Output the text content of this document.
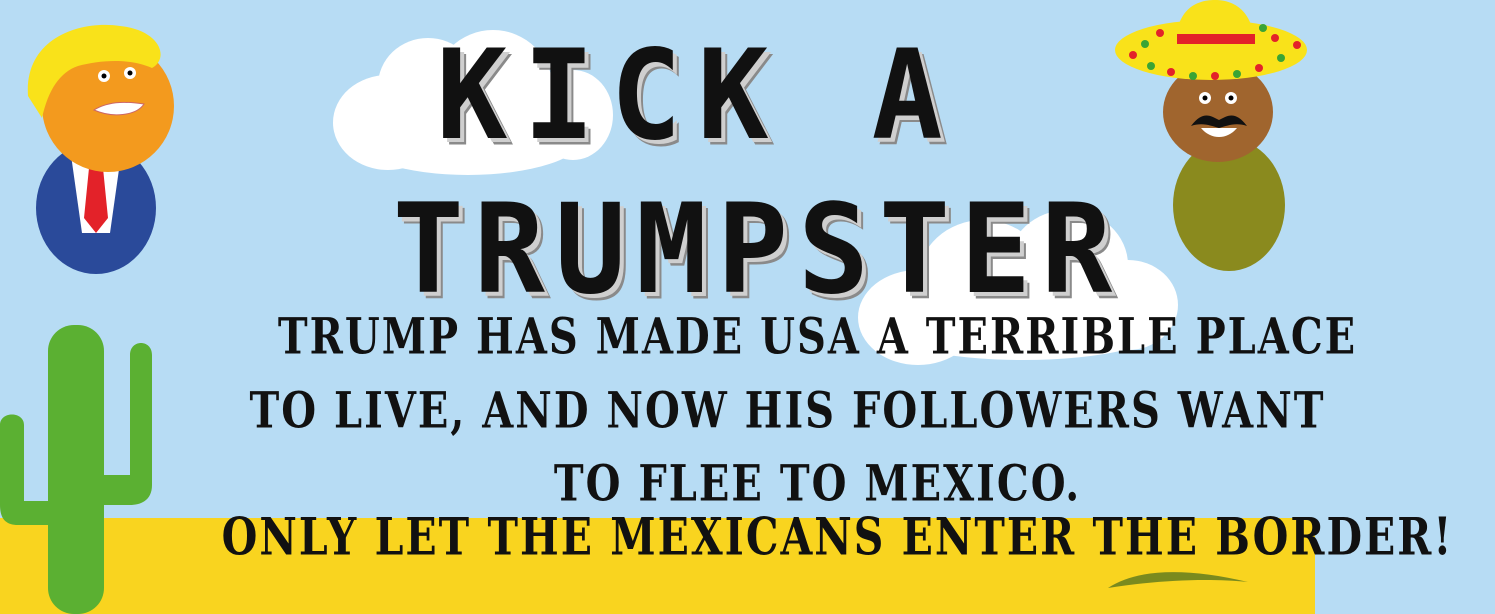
KICK A
TRUMPSTER
TRUMP HAS MADE USA A TERRIBLE PLACE
TO LIVE, AND NOW HIS FOLLOWERS WANT
TO FLEE TO MEXICO.
ONLY LET THE MEXICANS ENTER THE BORDER!
